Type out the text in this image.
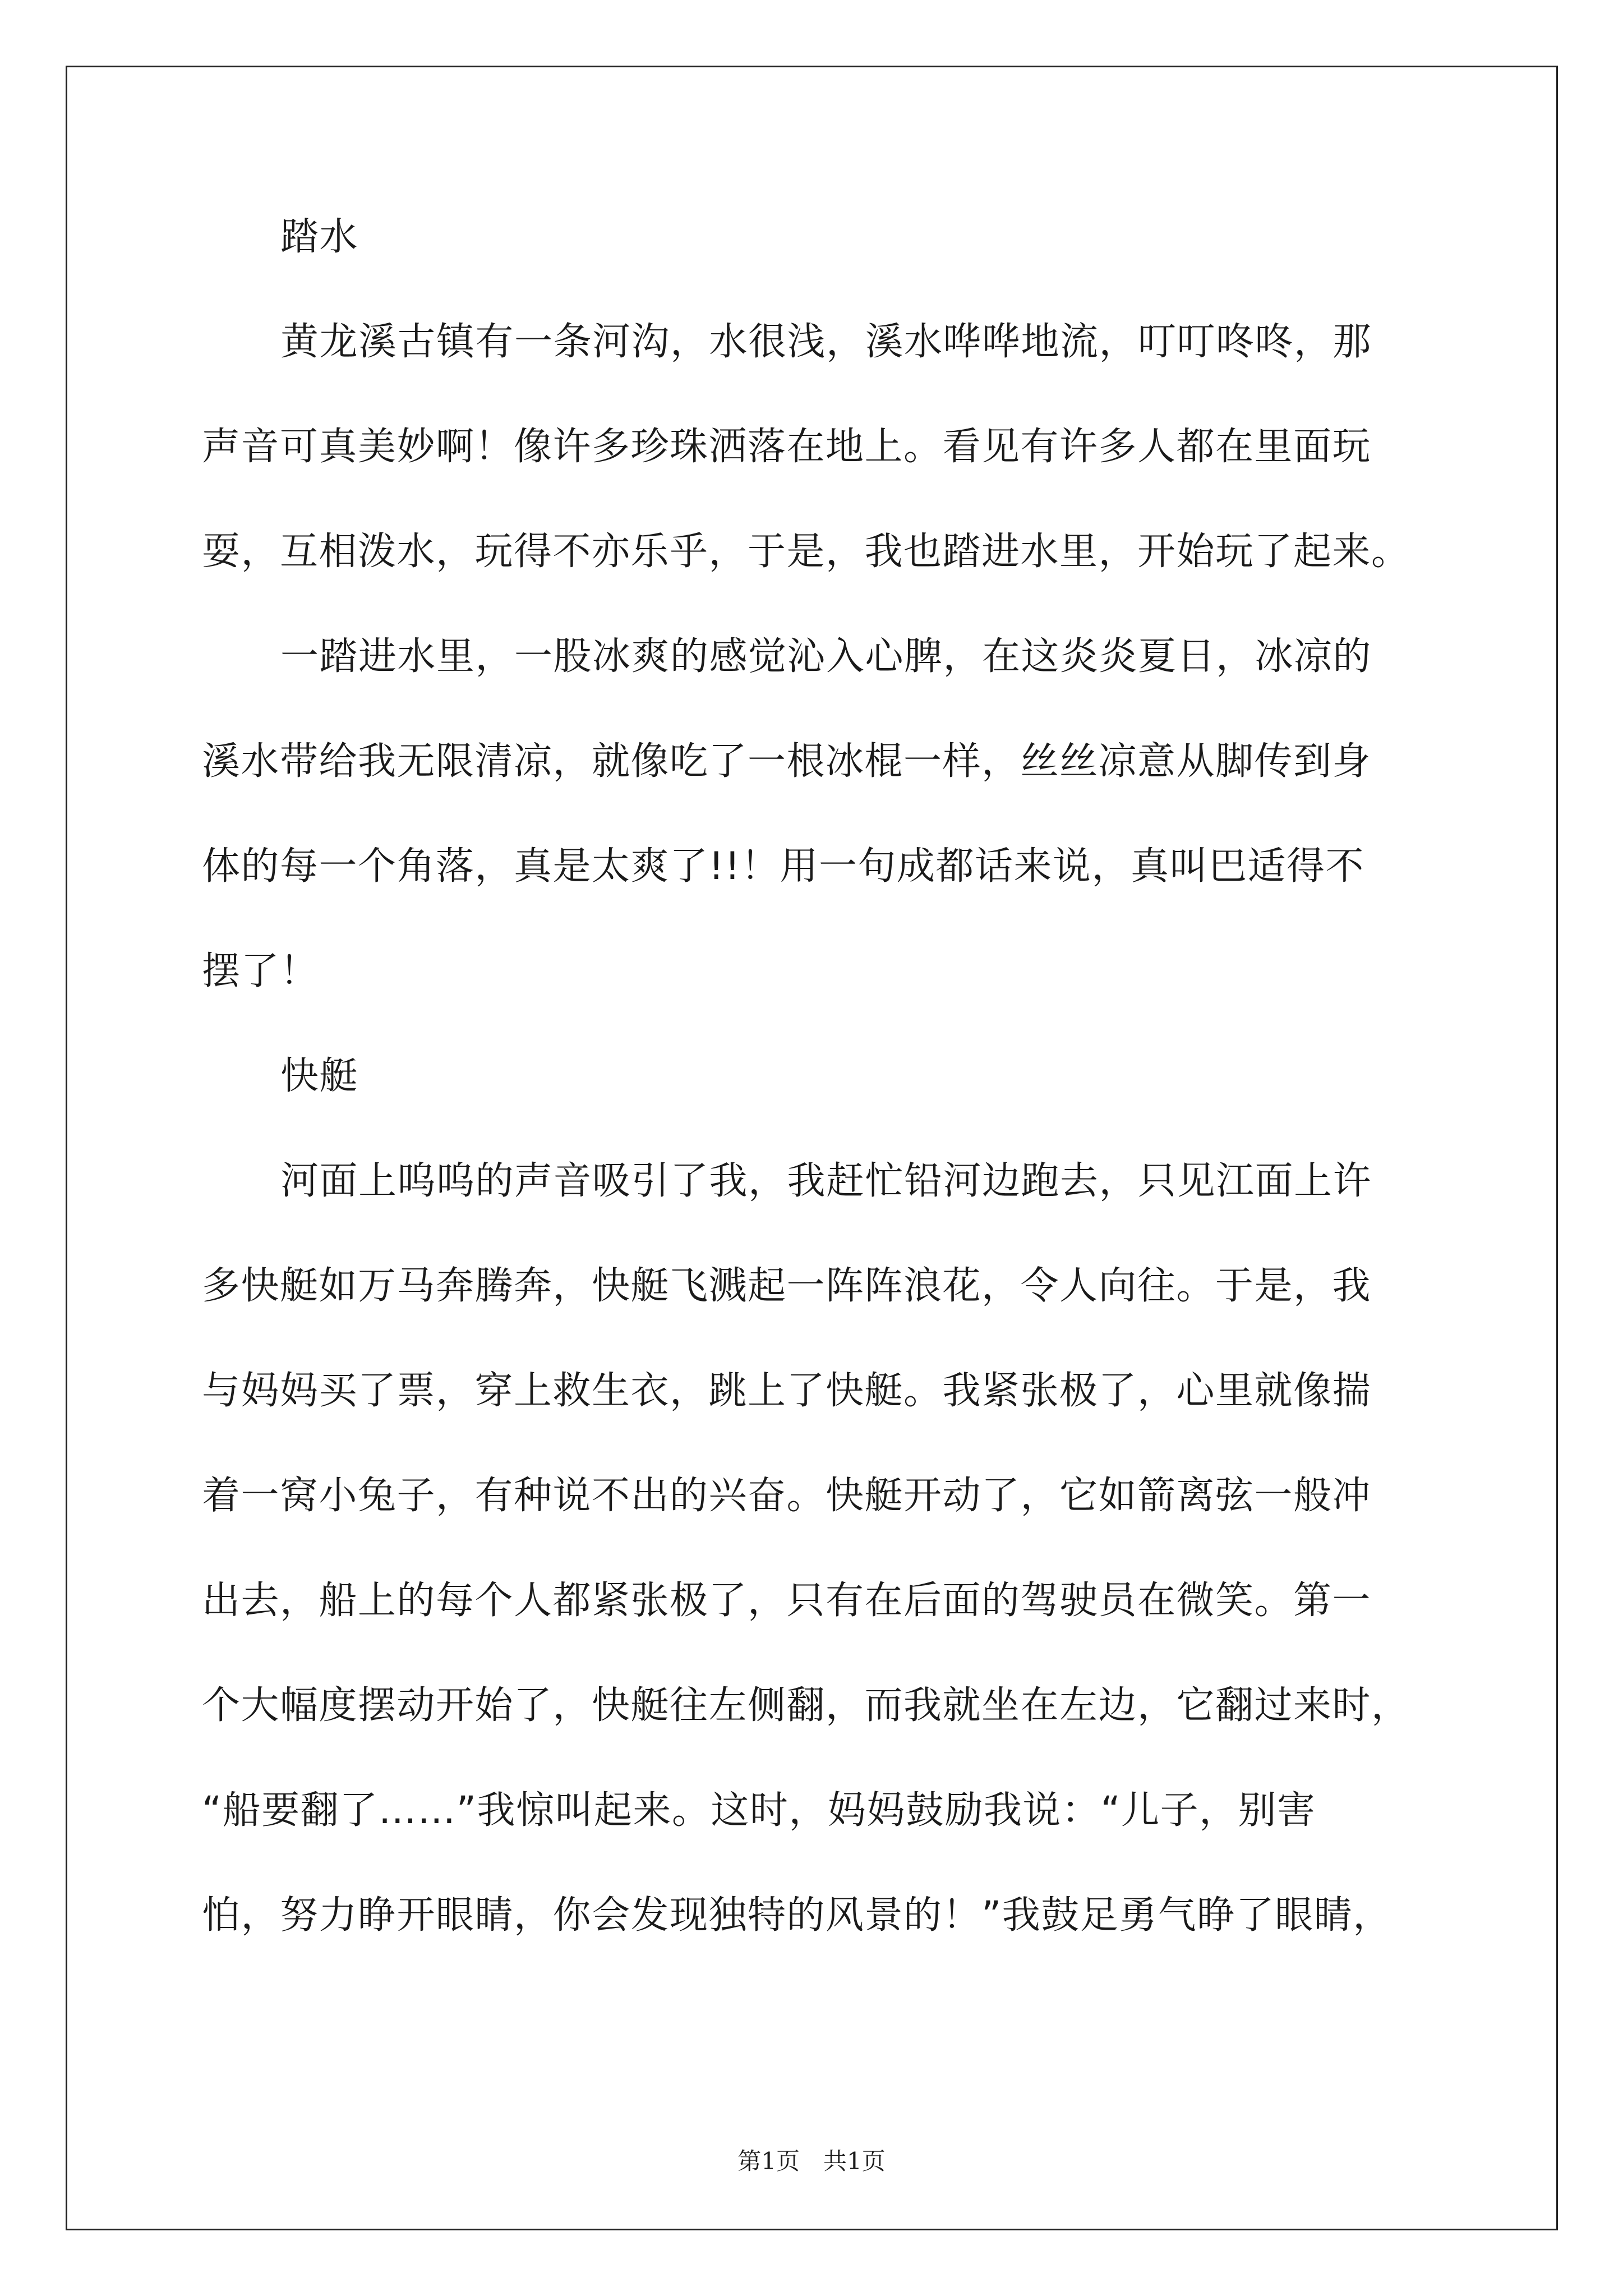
踏水
黄龙溪古镇有一条河沟，水很浅，溪水哗哗地流，叮叮咚咚，那
声音可真美妙啊！像许多珍珠洒落在地上。看见有许多人都在里面玩
耍，互相泼水，玩得不亦乐乎，于是，我也踏进水里，开始玩了起来。
一踏进水里，一股冰爽的感觉沁入心脾，在这炎炎夏日，冰凉的
溪水带给我无限清凉，就像吃了一根冰棍一样，丝丝凉意从脚传到身
体的每一个角落，真是太爽了!!！用一句成都话来说，真叫巴适得不
摆了！
快艇
河面上呜呜的声音吸引了我，我赶忙铅河边跑去，只见江面上许
多快艇如万马奔腾奔，快艇飞溅起一阵阵浪花，令人向往。于是，我
与妈妈买了票，穿上救生衣，跳上了快艇。我紧张极了，心里就像揣
着一窝小兔子，有种说不出的兴奋。快艇开动了，它如箭离弦一般冲
出去，船上的每个人都紧张极了，只有在后面的驾驶员在微笑。第一
个大幅度摆动开始了，快艇往左侧翻，而我就坐在左边，它翻过来时，
“船要翻了……”我惊叫起来。这时，妈妈鼓励我说：“儿子，别害
怕，努力睁开眼睛，你会发现独特的风景的！”我鼓足勇气睁了眼睛，
第1页　共1页
